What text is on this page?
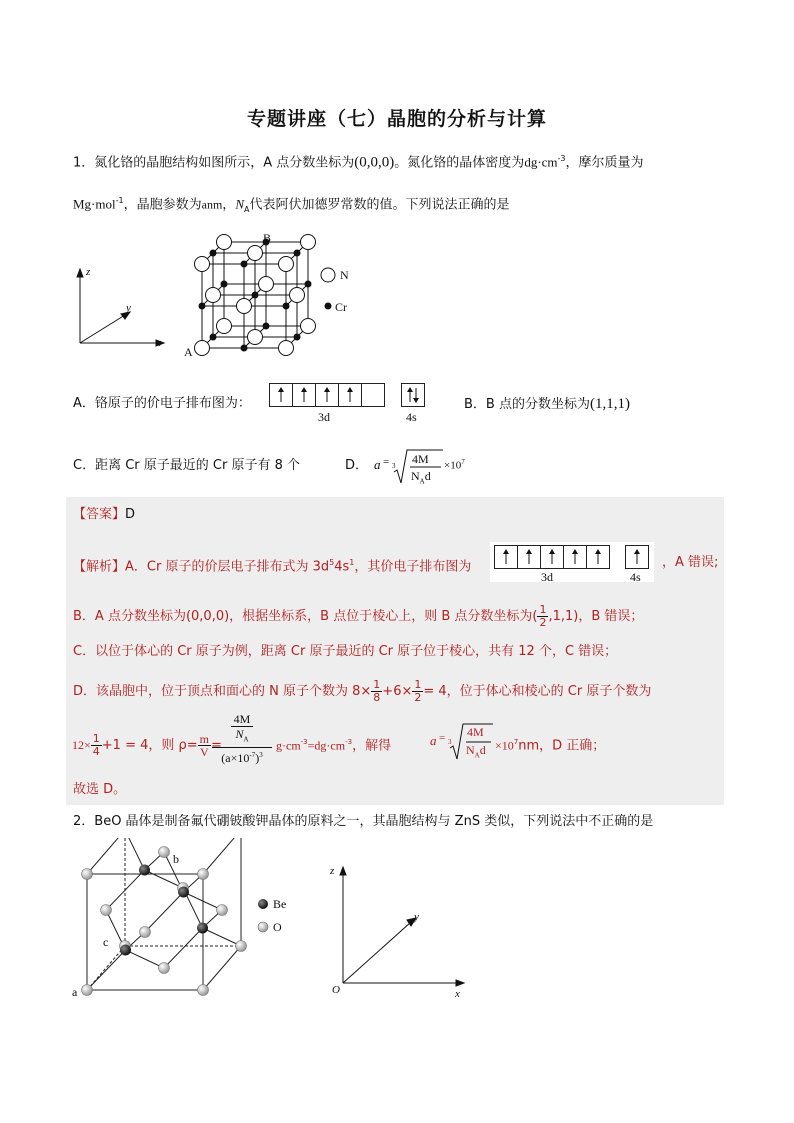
专题讲座（七）晶胞的分析与计算
1．氮化铬的晶胞结构如图所示，A 点分数坐标为(0,0,0)。氮化铬的晶体密度为$dg\cdot cm^{-3}$，摩尔质量为
Mg·mol$^{-1}$，晶胞参数为anm，$N_A$代表阿伏加德罗常数的值。下列说法正确的是
z
x
y
A
B
N
Cr
A．铬原子的价电子排布图为：
3d	4s
B．B 点的分数坐标为(1,1,1)
C．距离 Cr 原子最近的 Cr 原子有 8 个	D． a = 3 4M
$N_Ad$
$\times 10^7$
【答案】D
【解析】A．Cr 原子的价层电子排布式为 $3d^54s^1$，其价电子排布图为
3d	4s
，A 错误;
B．A 点分数坐标为(0,0,0)，根据坐标系，B 点位于棱心上，则 B 点分数坐标为( $\frac{1}{2} ,1,1$)，B 错误；
C．以位于体心的 Cr 原子为例，距离 Cr 原子最近的 Cr 原子位于棱心，共有 12 个，C 错误；
D．该晶胞中，位于顶点和面心的 N 原子个数为 $8\times \frac{1}{8} +6\times \frac{1}{2} = 4$，位于体心和棱心的 Cr 原子个数为
$12\times \frac{1}{4} +1 = 4$，则 $\rho= \frac{m}{V}$ =
4M
$N_A$
$(a\times 10^{-7})^3$
$g\cdot cm^{-3}=dg\cdot cm^{-3}$，解得	a = 3
4M
$N_Ad \times 10^7nm$，D 正确；
故选 D。
2．BeO 晶体是制备氟代硼铍酸钾晶体的原料之一，其晶胞结构与 ZnS 类似，下列说法中不正确的是
a
b
c
Be
O
z
x
y
O
